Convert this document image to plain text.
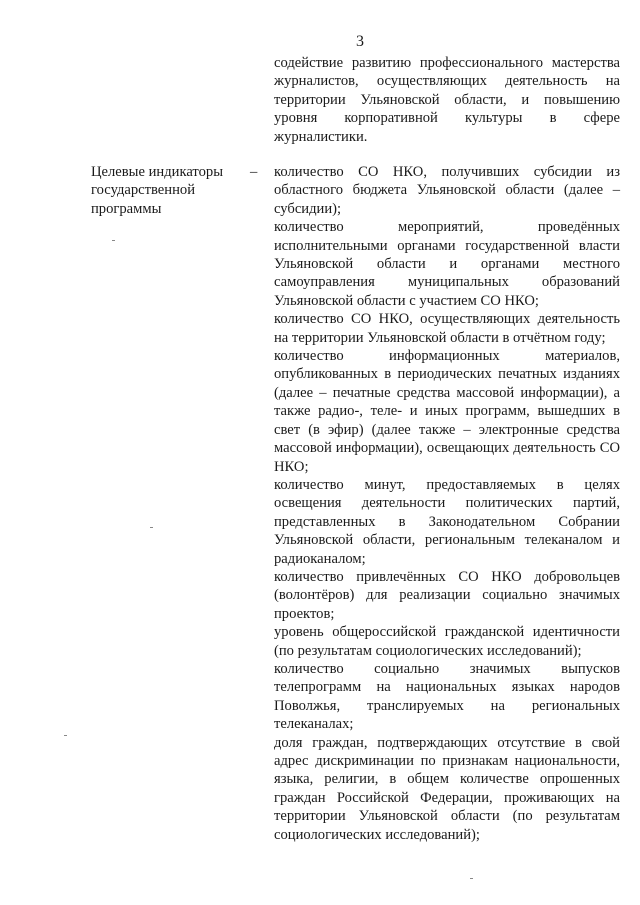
3

содействие развитию профессионального мастерства журналистов, осуществляющих деятельность на территории Ульяновской области, и повышению уровня корпоративной культуры в сфере журналистики.

Целевые индикаторы государственной программы
– количество СО НКО, получивших субсидии из областного бюджета Ульяновской области (далее – субсидии);
количество мероприятий, проведённых исполнительными органами государственной власти Ульяновской области и органами местного самоуправления муниципальных образований Ульяновской области с участием СО НКО;
количество СО НКО, осуществляющих деятельность на территории Ульяновской области в отчётном году;
количество информационных материалов, опубликованных в периодических печатных изданиях (далее – печатные средства массовой информации), а также радио-, теле- и иных программ, вышедших в свет (в эфир) (далее также – электронные средства массовой информации), освещающих деятельность СО НКО;
количество минут, предоставляемых в целях освещения деятельности политических партий, представленных в Законодательном Собрании Ульяновской области, региональным телеканалом и радиоканалом;
количество привлечённых СО НКО добровольцев (волонтёров) для реализации социально значимых проектов;
уровень общероссийской гражданской идентичности (по результатам социологических исследований);
количество социально значимых выпусков телепрограмм на национальных языках народов Поволжья, транслируемых на региональных телеканалах;
доля граждан, подтверждающих отсутствие в свой адрес дискриминации по признакам национальности, языка, религии, в общем количестве опрошенных граждан Российской Федерации, проживающих на территории Ульяновской области (по результатам социологических исследований);
